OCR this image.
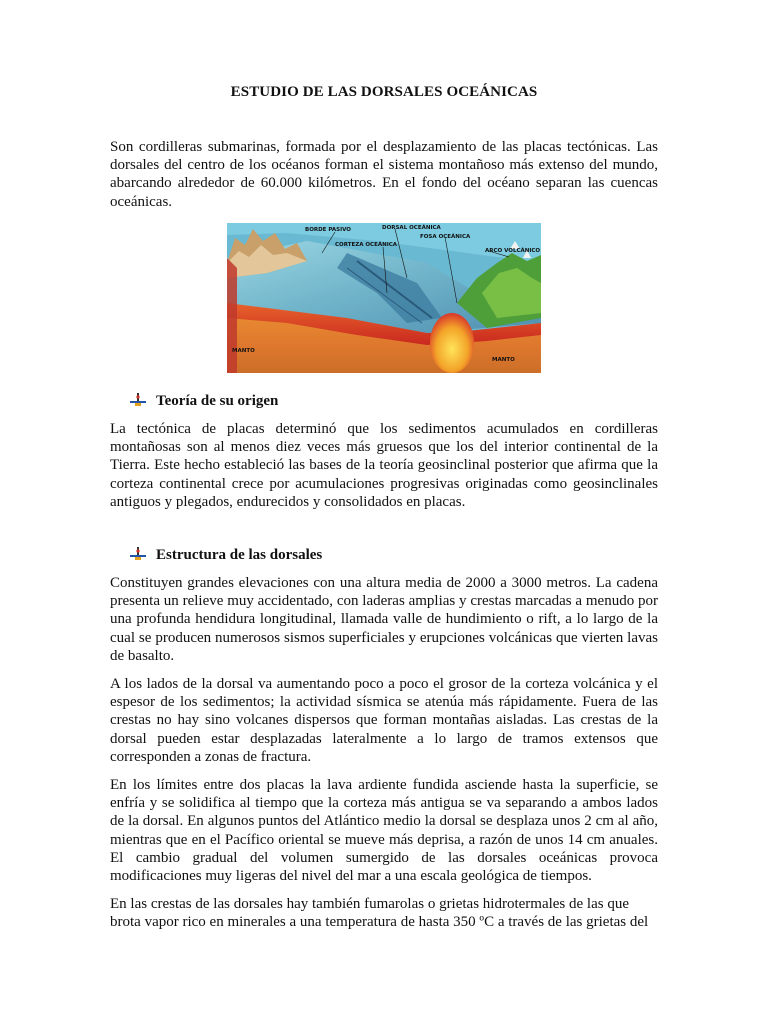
ESTUDIO DE LAS DORSALES OCEÁNICAS

Son cordilleras submarinas, formada por el desplazamiento de las placas tectónicas. Las dorsales del centro de los océanos forman el sistema montañoso más extenso del mundo, abarcando alrededor de 60.000 kilómetros. En el fondo del océano separan las cuencas oceánicas.

BORDE PASIVO	DORSAL OCEÁNICA
CORTEZA OCEÁNICA
FOSA OCEÁNICA
ARCO VOLCÁNICO
MANTO
MANTO
Teoría de su origen

La tectónica de placas determinó que los sedimentos acumulados en cordilleras montañosas son al menos diez veces más gruesos que los del interior continental de la Tierra. Este hecho estableció las bases de la teoría geosinclinal posterior que afirma que la corteza continental crece por acumulaciones progresivas originadas como geosinclinales antiguos y plegados, endurecidos y consolidados en placas.

Estructura de las dorsales

Constituyen grandes elevaciones con una altura media de 2000 a 3000 metros. La cadena presenta un relieve muy accidentado, con laderas amplias y crestas marcadas a menudo por una profunda hendidura longitudinal, llamada valle de hundimiento o rift, a lo largo de la cual se producen numerosos sismos superficiales y erupciones volcánicas que vierten lavas de basalto.

A los lados de la dorsal va aumentando poco a poco el grosor de la corteza volcánica y el espesor de los sedimentos; la actividad sísmica se atenúa más rápidamente. Fuera de las crestas no hay sino volcanes dispersos que forman montañas aisladas. Las crestas de la dorsal pueden estar desplazadas lateralmente a lo largo de tramos extensos que corresponden a zonas de fractura.

En los límites entre dos placas la lava ardiente fundida asciende hasta la superficie, se enfría y se solidifica al tiempo que la corteza más antigua se va separando a ambos lados de la dorsal. En algunos puntos del Atlántico medio la dorsal se desplaza unos 2 cm al año, mientras que en el Pacífico oriental se mueve más deprisa, a razón de unos 14 cm anuales. El cambio gradual del volumen sumergido de las dorsales oceánicas provoca modificaciones muy ligeras del nivel del mar a una escala geológica de tiempos.

En las crestas de las dorsales hay también fumarolas o grietas hidrotermales de las que brota vapor rico en minerales a una temperatura de hasta 350 ºC a través de las grietas del
